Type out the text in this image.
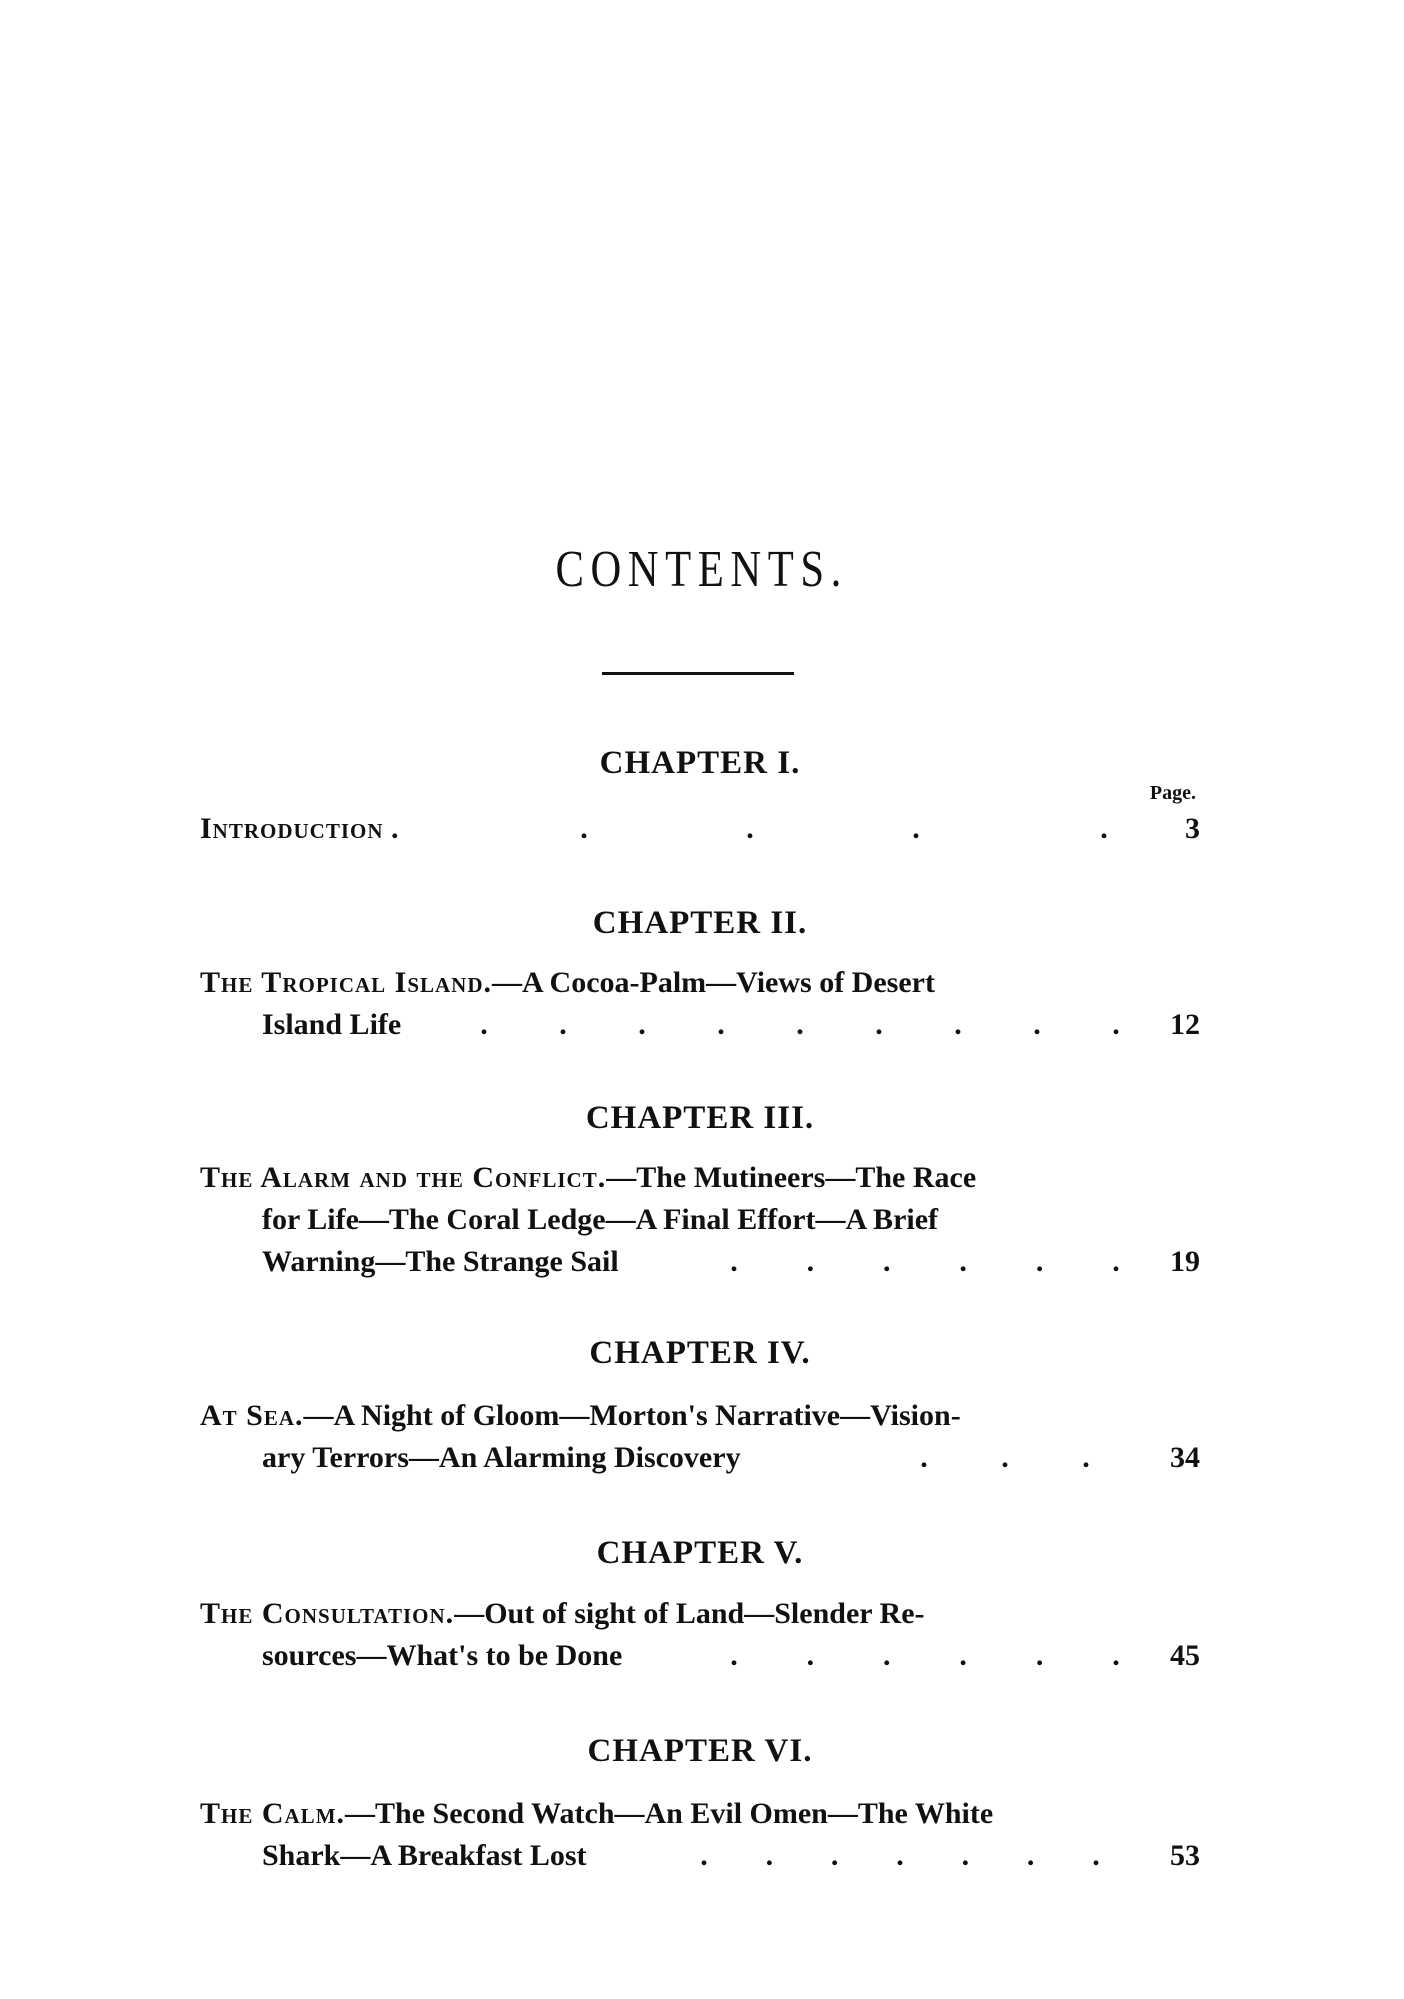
CONTENTS.
CHAPTER I.
Page.
Introduction .	.	.	.	.	3
CHAPTER II.
The Tropical Island.—A Cocoa-Palm—Views of Desert
Island Life	. . . . . . . . .	12
CHAPTER III.
The Alarm and the Conflict.—The Mutineers—The Race
for Life—The Coral Ledge—A Final Effort—A Brief
Warning—The Strange Sail	. . . . . .	19
CHAPTER IV.
At Sea.—A Night of Gloom—Morton's Narrative—Vision-
ary Terrors—An Alarming Discovery	. . .	34
CHAPTER V.
The Consultation.—Out of sight of Land—Slender Re-
sources—What's to be Done	. . . . . .	45
CHAPTER VI.
The Calm.—The Second Watch—An Evil Omen—The White
Shark—A Breakfast Lost	. . . . . . .	53
